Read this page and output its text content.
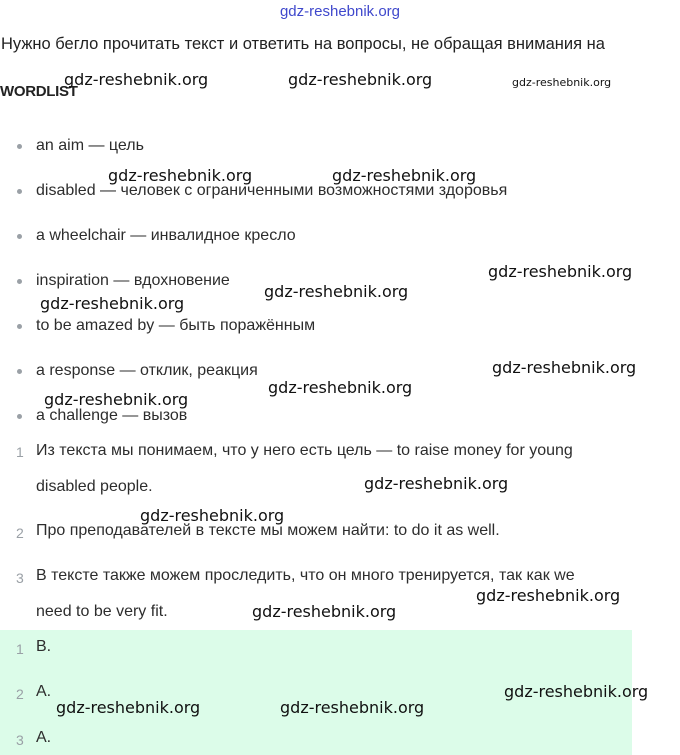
gdz-reshebnik.org
Нужно бегло прочитать текст и ответить на вопросы, не обращая внимания на
WORDLIST
an aim — цель
disabled — человек с ограниченными возможностями здоровья
a wheelchair — инвалидное кресло
inspiration — вдохновение
to be amazed by — быть поражённым
a response — отклик, реакция
a challenge — вызов
1 Из текста мы понимаем, что у него есть цель — to raise money for young
disabled people.
2 Про преподавателей в тексте мы можем найти: to do it as well.
3 В тексте также можем проследить, что он много тренируется, так как we
need to be very fit.
1 B.
2 A.
3 A.
gdz-reshebnik.org	gdz-reshebnik.org	gdz-reshebnik.org
gdz-reshebnik.org	gdz-reshebnik.org
gdz-reshebnik.org
gdz-reshebnik.org
gdz-reshebnik.org
gdz-reshebnik.org
gdz-reshebnik.org
gdz-reshebnik.org
gdz-reshebnik.org
gdz-reshebnik.org
gdz-reshebnik.org
gdz-reshebnik.org
gdz-reshebnik.org
gdz-reshebnik.org	gdz-reshebnik.org
